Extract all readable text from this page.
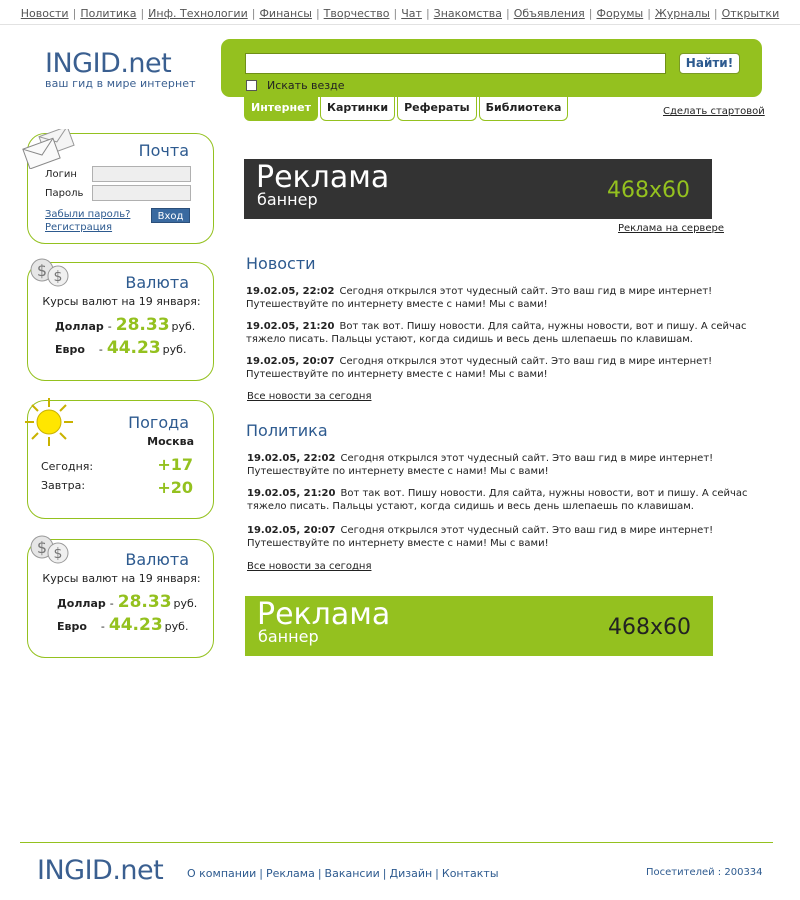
Новости | Политика | Инф. Технологии | Финансы | Творчество | Чат | Знакомства | Объявления | Форумы | Журналы | Открытки
INGID.net
ваш гид в мире интернет
Найти!
Искать везде
Интернет	Картинки	Рефераты	Библиотека	Сделать стартовой
Почта
Логин
Пароль
Забыли пароль?
Регистрация
Вход
$ $	Валюта
Курсы валют на 19 января:
Доллар - 28.33 руб.
Евро - 44.23 руб.
Погода
Москва
Сегодня:	+17
Завтра:	+20
$ $	Валюта
Курсы валют на 19 января:
Доллар - 28.33 руб.
Евро - 44.23 руб.
Реклама
баннер	468x60
Реклама на сервере
Новости
19.02.05, 22:02 Сегодня открылся этот чудесный сайт. Это ваш гид в мире интернет! Путешествуйте по интернету вместе с нами! Мы с вами!
19.02.05, 21:20 Вот так вот. Пишу новости. Для сайта, нужны новости, вот и пишу. А сейчас тяжело писать. Пальцы устают, когда сидишь и весь день шлепаешь по клавишам.
19.02.05, 20:07 Сегодня открылся этот чудесный сайт. Это ваш гид в мире интернет! Путешествуйте по интернету вместе с нами! Мы с вами!
Все новости за сегодня
Политика
19.02.05, 22:02 Сегодня открылся этот чудесный сайт. Это ваш гид в мире интернет! Путешествуйте по интернету вместе с нами! Мы с вами!
19.02.05, 21:20 Вот так вот. Пишу новости. Для сайта, нужны новости, вот и пишу. А сейчас тяжело писать. Пальцы устают, когда сидишь и весь день шлепаешь по клавишам.
19.02.05, 20:07 Сегодня открылся этот чудесный сайт. Это ваш гид в мире интернет! Путешествуйте по интернету вместе с нами! Мы с вами!
Все новости за сегодня
Реклама
баннер	468x60
INGID.net О компании | Реклама | Вакансии | Дизайн | Контакты	Посетителей : 200334
